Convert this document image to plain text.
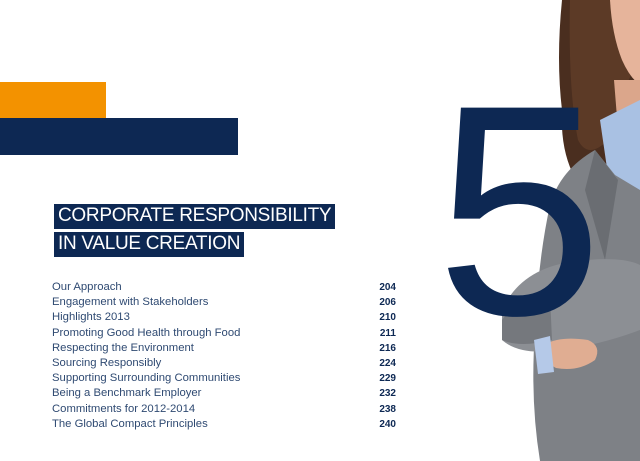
5
CORPORATE RESPONSIBILITY
IN VALUE CREATION
Our Approach	204
Engagement with Stakeholders	206
Highlights 2013	210
Promoting Good Health through Food	211
Respecting the Environment	216
Sourcing Responsibly	224
Supporting Surrounding Communities	229
Being a Benchmark Employer	232
Commitments for 2012-2014	238
The Global Compact Principles	240
